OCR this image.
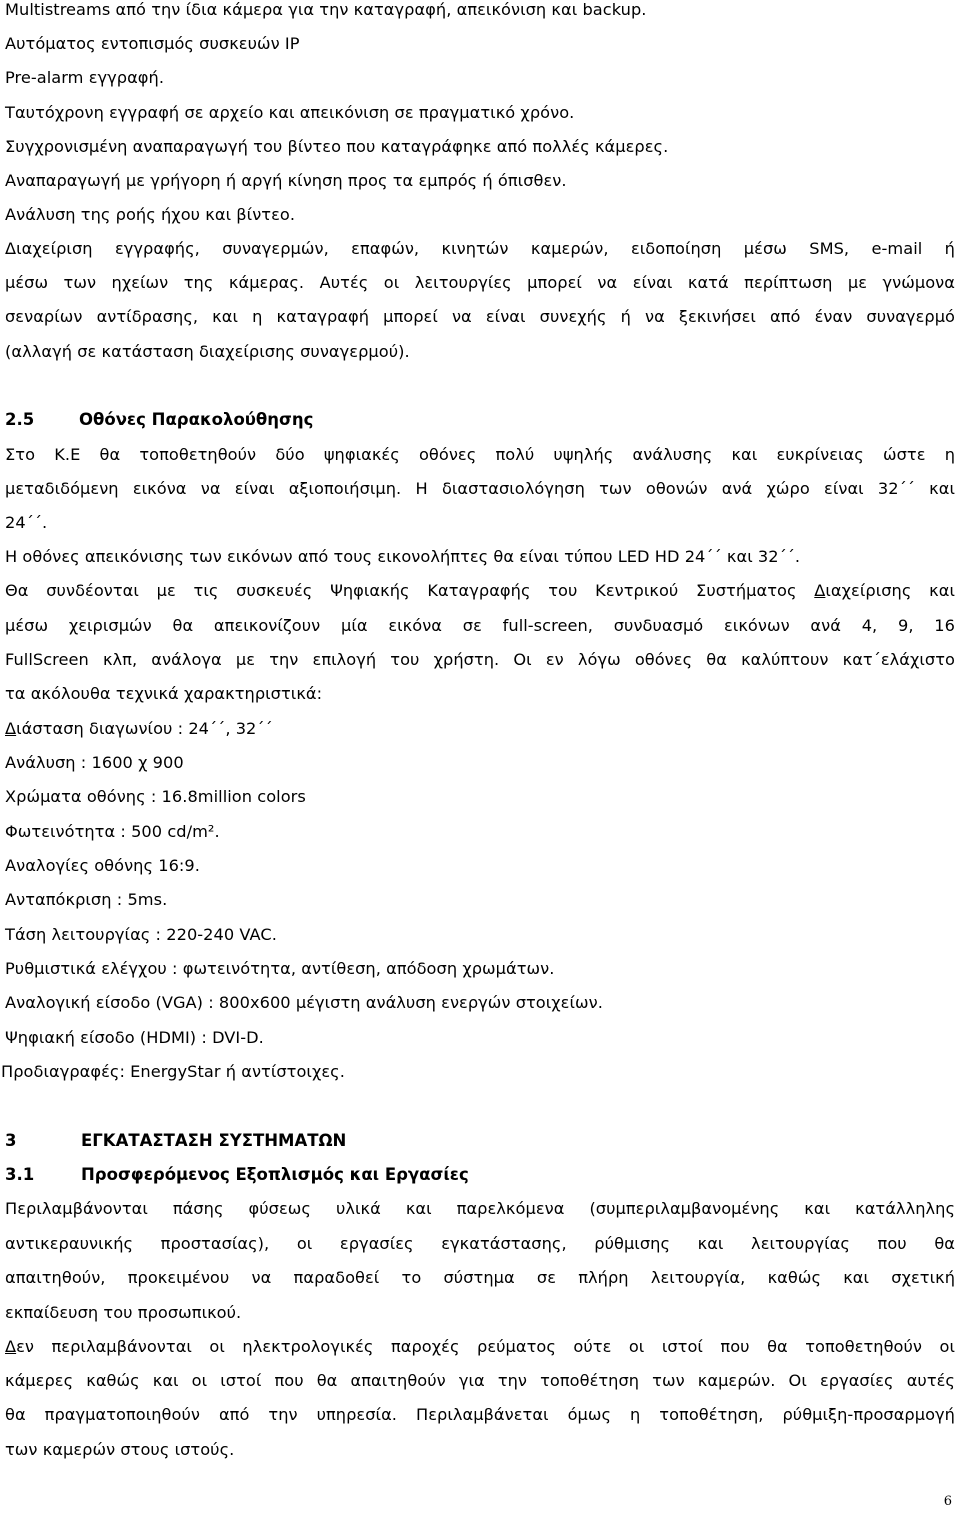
Multistreams από την ίδια κάμερα για την καταγραφή, απεικόνιση και backup.
Αυτόματος εντοπισμός συσκευών IP
Pre-alarm εγγραφή.
Ταυτόχρονη εγγραφή σε αρχείο και απεικόνιση σε πραγματικό χρόνο.
Συγχρονισμένη αναπαραγωγή του βίντεο που καταγράφηκε από πολλές κάμερες.
Αναπαραγωγή με γρήγορη ή αργή κίνηση προς τα εμπρός ή όπισθεν.
Ανάλυση της ροής ήχου και βίντεο.
Διαχείριση εγγραφής, συναγερμών, επαφών, κινητών καμερών, ειδοποίηση μέσω SMS, e-mail ή
μέσω των ηχείων της κάμερας. Αυτές οι λειτουργίες μπορεί να είναι κατά περίπτωση με γνώμονα
σεναρίων αντίδρασης, και η καταγραφή μπορεί να είναι συνεχής ή να ξεκινήσει από έναν συναγερμό
(αλλαγή σε κατάσταση διαχείρισης συναγερμού).
2.5	Οθόνες Παρακολούθησης
Στο Κ.Ε θα τοποθετηθούν δύο ψηφιακές οθόνες πολύ υψηλής ανάλυσης και ευκρίνειας ώστε η
μεταδιδόμενη εικόνα να είναι αξιοποιήσιμη. Η διαστασιολόγηση των οθονών ανά χώρο είναι 32΄΄ και
24΄΄.
Η οθόνες απεικόνισης των εικόνων από τους εικονολήπτες θα είναι τύπου LED HD 24΄΄ και 32΄΄.
Θα συνδέονται με τις συσκευές Ψηφιακής Καταγραφής του Κεντρικού Συστήματος Διαχείρισης και
μέσω χειρισμών θα απεικονίζουν μία εικόνα σε full-screen, συνδυασμό εικόνων ανά 4, 9, 16
FullScreen κλπ, ανάλογα με την επιλογή του χρήστη. Οι εν λόγω οθόνες θα καλύπτουν κατ΄ελάχιστο
τα ακόλουθα τεχνικά χαρακτηριστικά:
Διάσταση διαγωνίου : 24΄΄, 32΄΄
Ανάλυση : 1600 χ 900
Χρώματα οθόνης : 16.8million colors
Φωτεινότητα : 500 cd/m².
Αναλογίες οθόνης 16:9.
Ανταπόκριση : 5ms.
Τάση λειτουργίας : 220-240 VAC.
Ρυθμιστικά ελέγχου : φωτεινότητα, αντίθεση, απόδοση χρωμάτων.
Αναλογική είσοδο (VGA) : 800x600 μέγιστη ανάλυση ενεργών στοιχείων.
Ψηφιακή είσοδο (HDMI) : DVI-D.
Προδιαγραφές: EnergyStar ή αντίστοιχες.
3	ΕΓΚΑΤΑΣΤΑΣΗ ΣΥΣΤΗΜΑΤΩΝ
3.1	Προσφερόμενος Εξοπλισμός και Εργασίες
Περιλαμβάνονται πάσης φύσεως υλικά και παρελκόμενα (συμπεριλαμβανομένης και κατάλληλης
αντικεραυνικής προστασίας), οι εργασίες εγκατάστασης, ρύθμισης και λειτουργίας που θα
απαιτηθούν, προκειμένου να παραδοθεί το σύστημα σε πλήρη λειτουργία, καθώς και σχετική
εκπαίδευση του προσωπικού.
Δεν περιλαμβάνονται οι ηλεκτρολογικές παροχές ρεύματος ούτε οι ιστοί που θα τοποθετηθούν οι
κάμερες καθώς και οι ιστοί που θα απαιτηθούν για την τοποθέτηση των καμερών. Οι εργασίες αυτές
θα πραγματοποιηθούν από την υπηρεσία. Περιλαμβάνεται όμως η τοποθέτηση, ρύθμιξη-προσαρμογή
των καμερών στους ιστούς.
6
